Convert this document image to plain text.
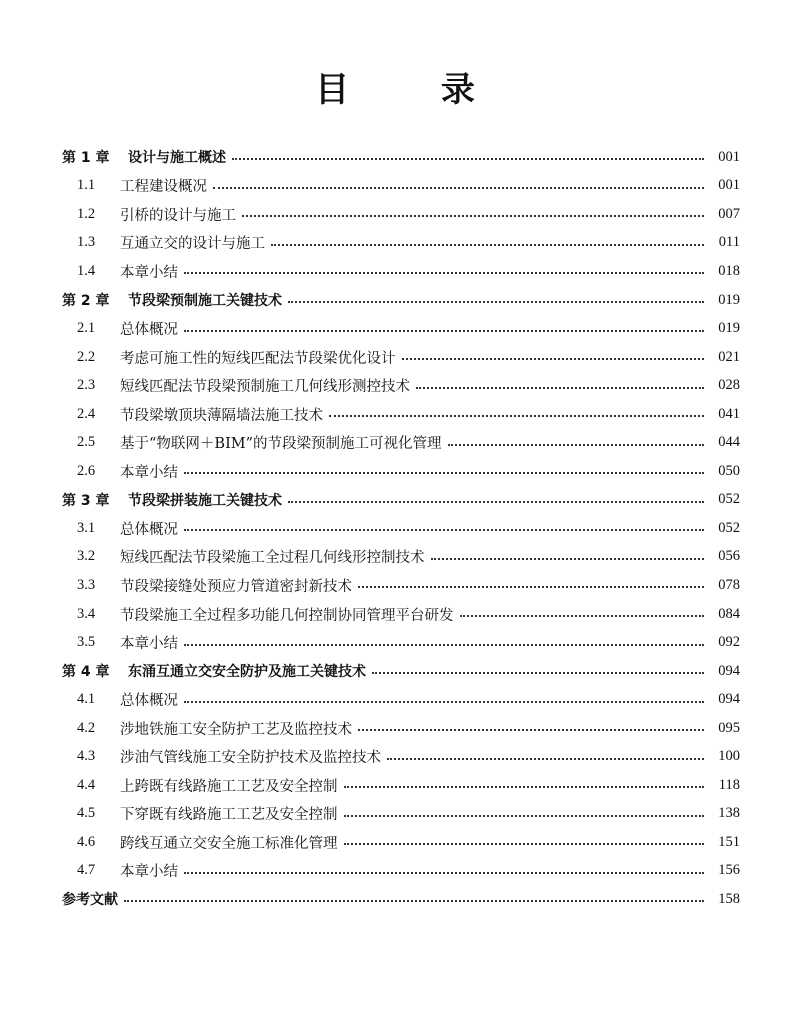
目 录
第 1 章	设计与施工概述	001
1.1	工程建设概况	001
1.2	引桥的设计与施工	007
1.3	互通立交的设计与施工	011
1.4	本章小结	018
第 2 章	节段梁预制施工关键技术	019
2.1	总体概况	019
2.2	考虑可施工性的短线匹配法节段梁优化设计	021
2.3	短线匹配法节段梁预制施工几何线形测控技术	028
2.4	节段梁墩顶块薄隔墙法施工技术	041
2.5	基于“物联网＋BIM”的节段梁预制施工可视化管理	044
2.6	本章小结	050
第 3 章	节段梁拼装施工关键技术	052
3.1	总体概况	052
3.2	短线匹配法节段梁施工全过程几何线形控制技术	056
3.3	节段梁接缝处预应力管道密封新技术	078
3.4	节段梁施工全过程多功能几何控制协同管理平台研发	084
3.5	本章小结	092
第 4 章	东涌互通立交安全防护及施工关键技术	094
4.1	总体概况	094
4.2	涉地铁施工安全防护工艺及监控技术	095
4.3	涉油气管线施工安全防护技术及监控技术	100
4.4	上跨既有线路施工工艺及安全控制	118
4.5	下穿既有线路施工工艺及安全控制	138
4.6	跨线互通立交安全施工标准化管理	151
4.7	本章小结	156
参考文献	158
